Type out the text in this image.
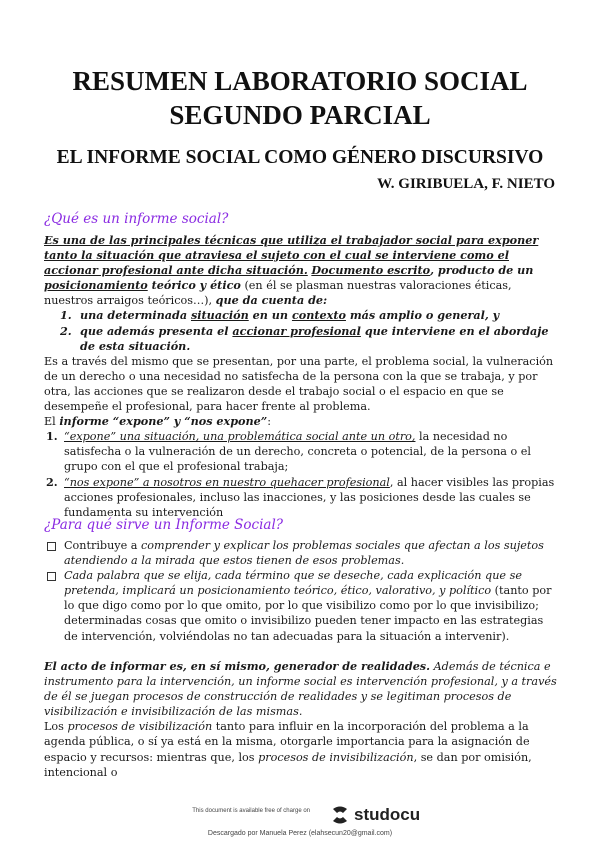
RESUMEN LABORATORIO SOCIAL
SEGUNDO PARCIAL
EL INFORME SOCIAL COMO GÉNERO DISCURSIVO
W. GIRIBUELA, F. NIETO
¿Qué es un informe social?

Es una de las principales técnicas que utiliza el trabajador social para exponer tanto la situación que atraviesa el sujeto con el cual se interviene como el accionar profesional ante dicha situación. Documento escrito, producto de un posicionamiento teórico y ético (en él se plasman nuestras valoraciones éticas, nuestros arraigos teóricos…), que da cuenta de:

1. una determinada situación en un contexto más amplio o general, y
2. que además presenta el accionar profesional que interviene en el abordaje de esta situación.

Es a través del mismo que se presentan, por una parte, el problema social, la vulneración de un derecho o una necesidad no satisfecha de la persona con la que se trabaja, y por otra, las acciones que se realizaron desde el trabajo social o el espacio en que se desempeñe el profesional, para hacer frente al problema.

El informe “expone” y “nos expone”:

1. “expone” una situación, una problemática social ante un otro, la necesidad no satisfecha o la vulneración de un derecho, concreta o potencial, de la persona o el grupo con el que el profesional trabaja;
2. “nos expone” a nosotros en nuestro quehacer profesional, al hacer visibles las propias acciones profesionales, incluso las inacciones, y las posiciones desde las cuales se fundamenta su intervención
¿Para qué sirve un Informe Social?
Contribuye a comprender y explicar los problemas sociales que afectan a los sujetos atendiendo a la mirada que estos tienen de esos problemas.
Cada palabra que se elija, cada término que se deseche, cada explicación que se pretenda, implicará un posicionamiento teórico, ético, valorativo, y político (tanto por lo que digo como por lo que omito, por lo que visibilizo como por lo que invisibilizo; determinadas cosas que omito o invisibilizo pueden tener impacto en las estrategias de intervención, volviéndolas no tan adecuadas para la situación a intervenir).

El acto de informar es, en sí mismo, generador de realidades. Además de técnica e instrumento para la intervención, un informe social es intervención profesional, y a través de él se juegan procesos de construcción de realidades y se legitiman procesos de visibilización e invisibilización de las mismas.

Los procesos de visibilización tanto para influir en la incorporación del problema a la agenda pública, o sí ya está en la misma, otorgarle importancia para la asignación de espacio y recursos: mientras que, los procesos de invisibilización, se dan por omisión, intencional o

This document is available free of charge on	studocu
Descargado por Manuela Perez (elahsecun20@gmail.com)
